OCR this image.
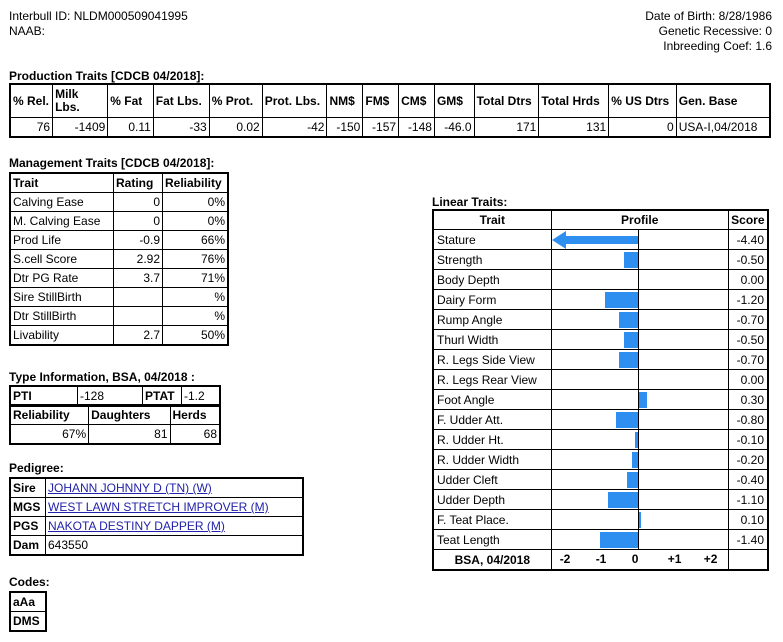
Interbull ID: NLDM000509041995
NAAB:
Date of Birth: 8/28/1986
Genetic Recessive: 0
Inbreeding Coef: 1.6
Production Traits [CDCB 04/2018]:
% Rel.	Milk Lbs.	% Fat	Fat Lbs.	% Prot.	Prot. Lbs.	NM$	FM$	CM$	GM$	Total Dtrs	Total Hrds	% US Dtrs	Gen. Base
76	-1409	0.11	-33	0.02	-42	-150	-157	-148	-46.0	171	131	0	USA-I,04/2018
Management Traits [CDCB 04/2018]:
Trait	Rating	Reliability
Calving Ease	0	0%
M. Calving Ease	0	0%
Prod Life	-0.9	66%
S.cell Score	2.92	76%
Dtr PG Rate	3.7	71%
Sire StillBirth		%
Dtr StillBirth		%
Livability	2.7	50%
Type Information, BSA, 04/2018 :
PTI	-128	PTAT	-1.2
Reliability	Daughters	Herds
67%	81	68
Pedigree:
Sire	JOHANN JOHNNY D (TN) (W)
MGS	WEST LAWN STRETCH IMPROVER (M)
PGS	NAKOTA DESTINY DAPPER (M)
Dam	643550
Codes:
aAa
DMS
Linear Traits:
Trait	Profile	Score
Stature		-4.40
Strength		-0.50
Body Depth		0.00
Dairy Form		-1.20
Rump Angle		-0.70
Thurl Width		-0.50
R. Legs Side View		-0.70
R. Legs Rear View		0.00
Foot Angle		0.30
F. Udder Att.		-0.80
R. Udder Ht.		-0.10
R. Udder Width		-0.20
Udder Cleft		-0.40
Udder Depth		-1.10
F. Teat Place.		0.10
Teat Length		-1.40
BSA, 04/2018	-2 -1 0 +1 +2	
